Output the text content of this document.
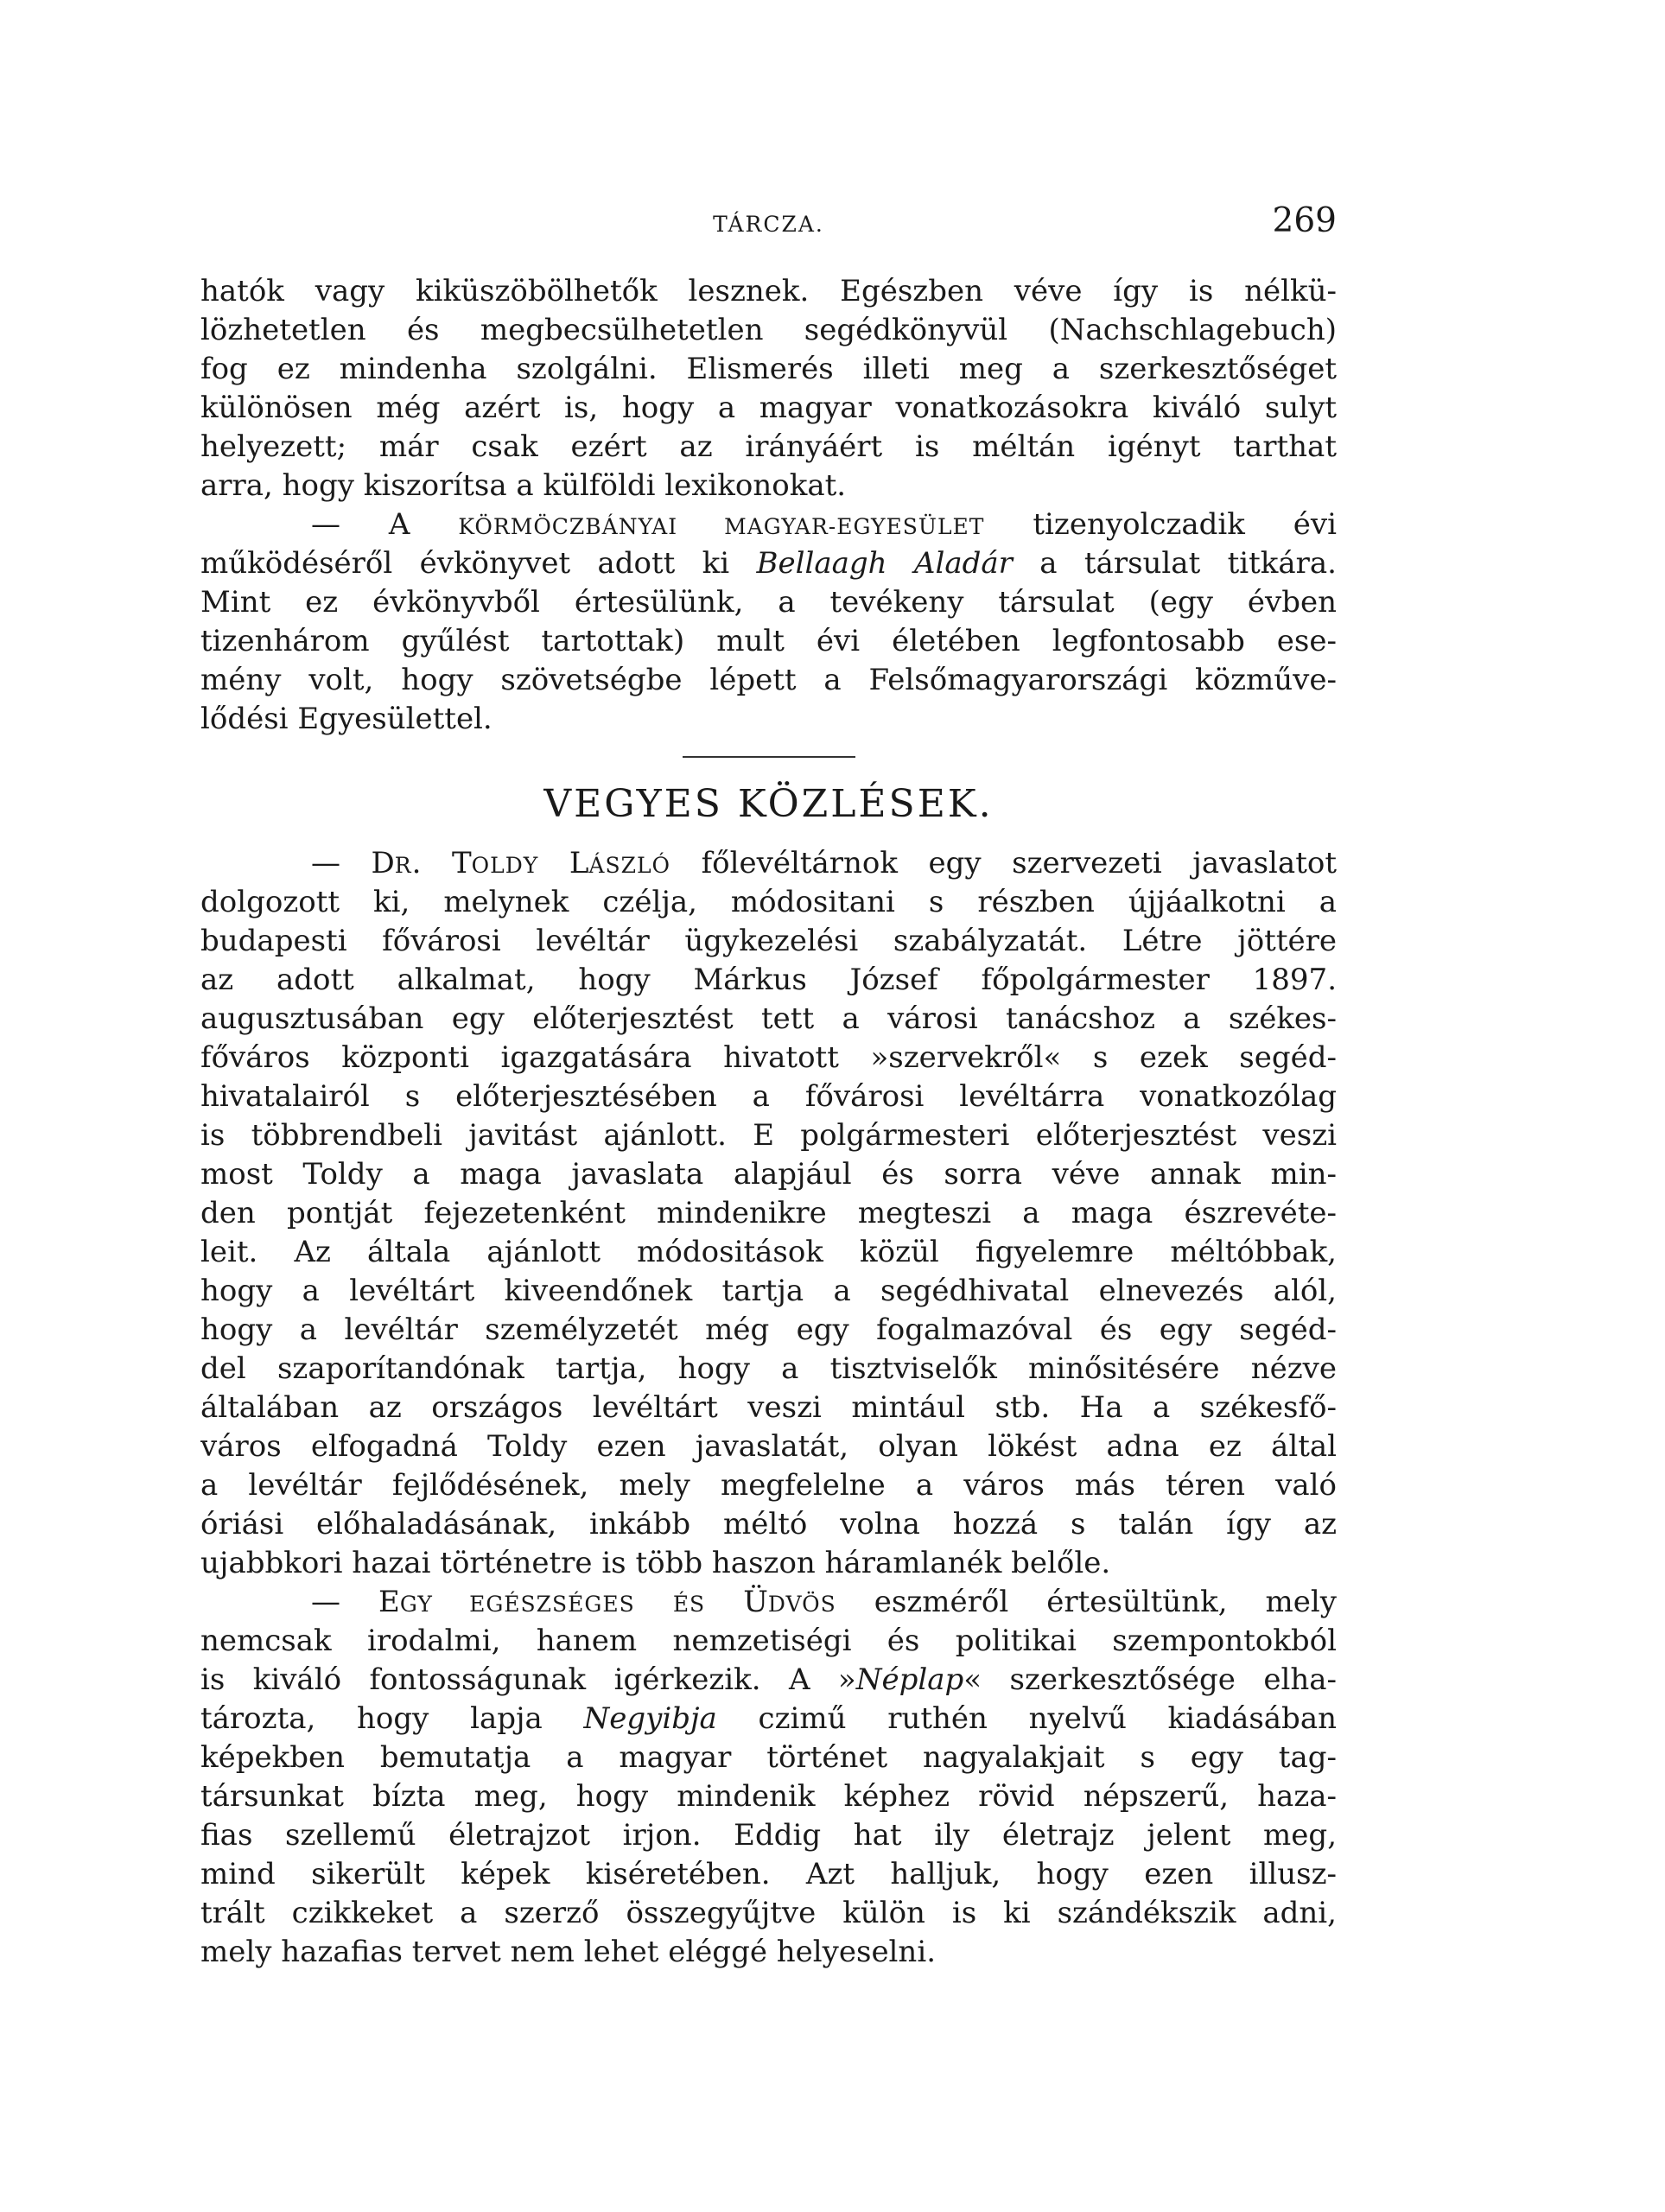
TÁRCZA.	269
hatók vagy kiküszöbölhetők lesznek. Egészben véve így is nélkü-
lözhetetlen és megbecsülhetetlen segédkönyvül (Nachschlagebuch)
fog ez mindenha szolgálni. Elismerés illeti meg a szerkesztőséget
különösen még azért is, hogy a magyar vonatkozásokra kiváló sulyt
helyezett; már csak ezért az irányáért is méltán igényt tarthat
arra, hogy kiszorítsa a külföldi lexikonokat.
— A KÖRMÖCZBÁNYAI MAGYAR-EGYESÜLET tizenyolczadik évi
működéséről évkönyvet adott ki Bellaagh Aladár a társulat titkára.
Mint ez évkönyvből értesülünk, a tevékeny társulat (egy évben
tizenhárom gyűlést tartottak) mult évi életében legfontosabb ese-
mény volt, hogy szövetségbe lépett a Felsőmagyarországi közműve-
lődési Egyesülettel.
VEGYES KÖZLÉSEK.
— DR. TOLDY LÁSZLÓ főlevéltárnok egy szervezeti javaslatot
dolgozott ki, melynek czélja, módositani s részben újjáalkotni a
budapesti fővárosi levéltár ügykezelési szabályzatát. Létre jöttére
az adott alkalmat, hogy Márkus József főpolgármester 1897.
augusztusában egy előterjesztést tett a városi tanácshoz a székes-
főváros központi igazgatására hivatott »szervekről« s ezek segéd-
hivatalairól s előterjesztésében a fővárosi levéltárra vonatkozólag
is többrendbeli javitást ajánlott. E polgármesteri előterjesztést veszi
most Toldy a maga javaslata alapjául és sorra véve annak min-
den pontját fejezetenként mindenikre megteszi a maga észrevéte-
leit. Az általa ajánlott módositások közül figyelemre méltóbbak,
hogy a levéltárt kiveendőnek tartja a segédhivatal elnevezés alól,
hogy a levéltár személyzetét még egy fogalmazóval és egy segéd-
del szaporítandónak tartja, hogy a tisztviselők minősitésére nézve
általában az országos levéltárt veszi mintául stb. Ha a székesfő-
város elfogadná Toldy ezen javaslatát, olyan lökést adna ez által
a levéltár fejlődésének, mely megfelelne a város más téren való
óriási előhaladásának, inkább méltó volna hozzá s talán így az
ujabbkori hazai történetre is több haszon háramlanék belőle.
— EGY EGÉSZSÉGES ÉS ÜDVÖS eszméről értesültünk, mely
nemcsak irodalmi, hanem nemzetiségi és politikai szempontokból
is kiváló fontosságunak igérkezik. A »Néplap« szerkesztősége elha-
tározta, hogy lapja Negyibja czimű ruthén nyelvű kiadásában
képekben bemutatja a magyar történet nagyalakjait s egy tag-
társunkat bízta meg, hogy mindenik képhez rövid népszerű, haza-
fias szellemű életrajzot irjon. Eddig hat ily életrajz jelent meg,
mind sikerült képek kiséretében. Azt halljuk, hogy ezen illusz-
trált czikkeket a szerző összegyűjtve külön is ki szándékszik adni,
mely hazafias tervet nem lehet eléggé helyeselni.
